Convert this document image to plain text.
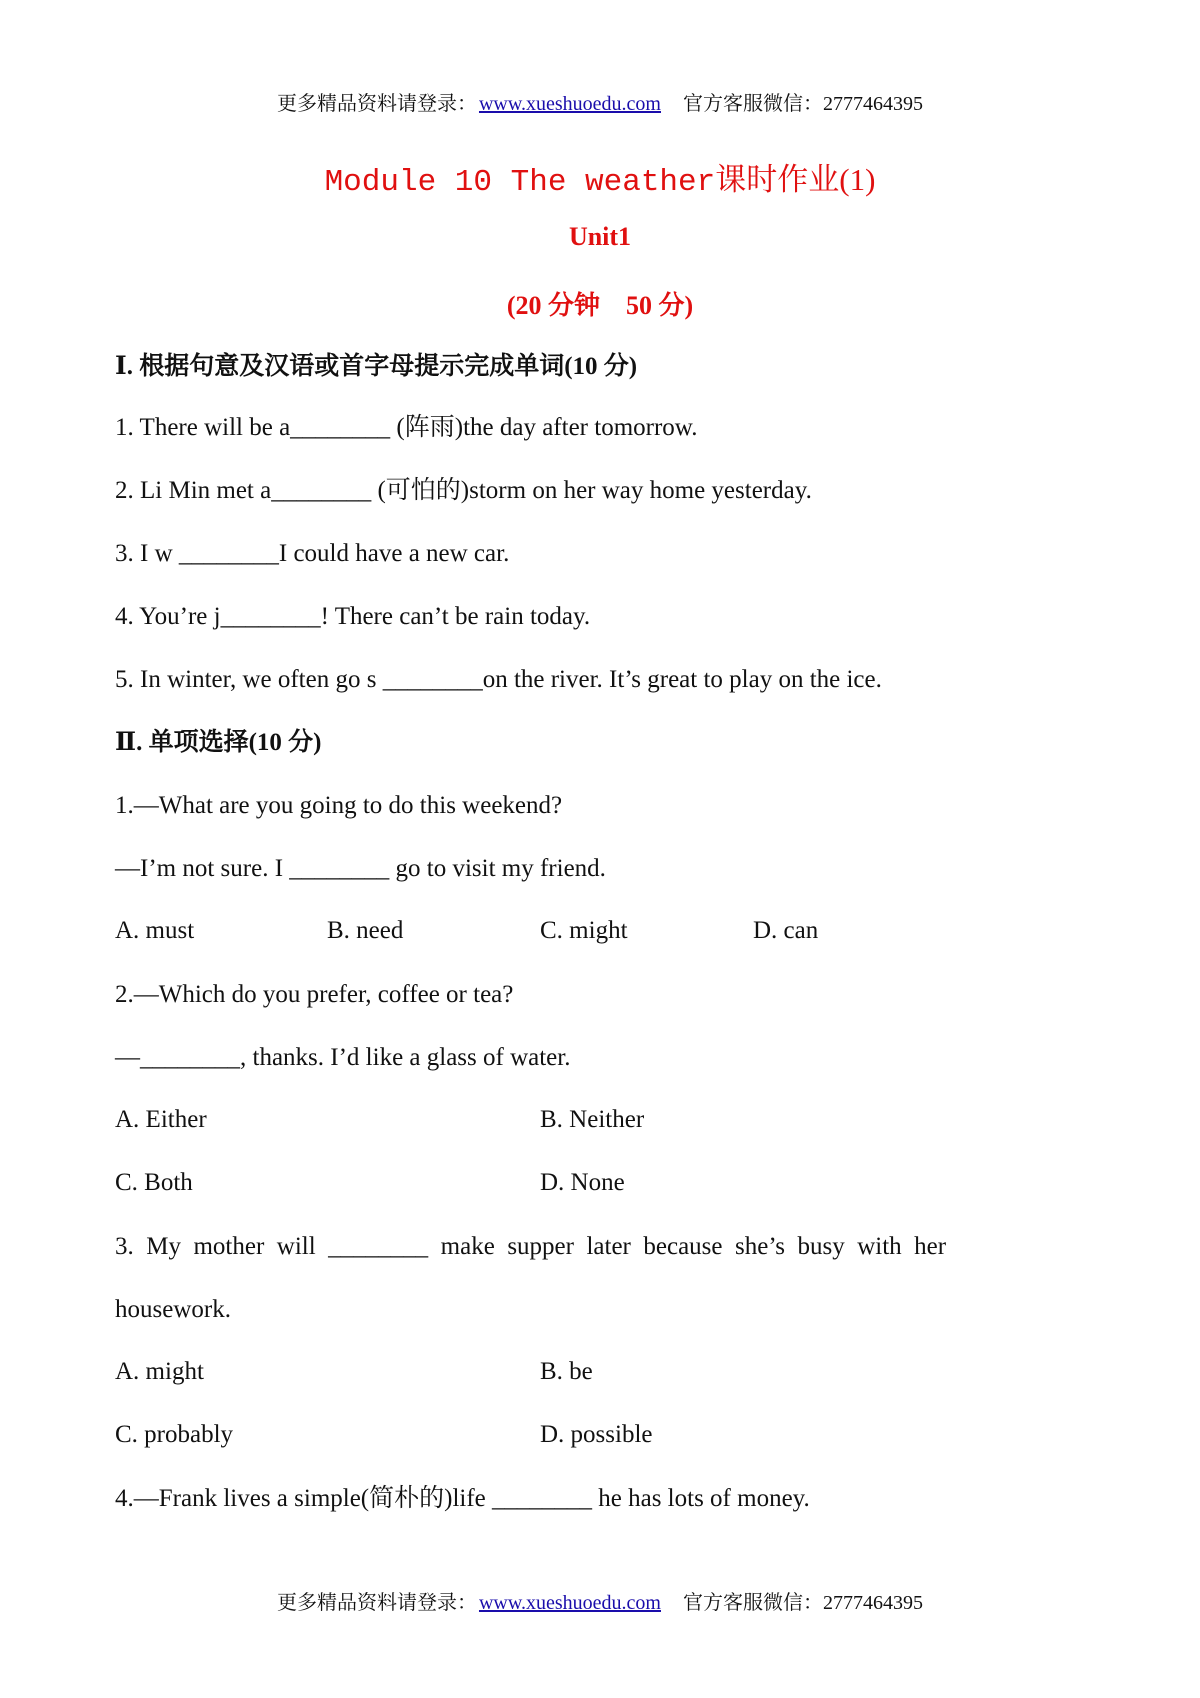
更多精品资料请登录： www.xueshuoedu.com 官方客服微信：2777464395
Module 10 The weather课时作业(1)
Unit1
(20 分钟　50 分)
Ⅰ. 根据句意及汉语或首字母提示完成单词(10 分)
1. There will be a________ (阵雨)the day after tomorrow.
2. Li Min met a________ (可怕的)storm on her way home yesterday.
3. I w ________I could have a new car.
4. You’re j________! There can’t be rain today.
5. In winter, we often go s ________on the river. It’s great to play on the ice.
Ⅱ. 单项选择(10 分)
1.—What are you going to do this weekend?
—I’m not sure. I ________ go to visit my friend.
A. must	B. need	C. might	D. can
2.—Which do you prefer, coffee or tea?
—________, thanks. I’d like a glass of water.
A. Either	B. Neither
C. Both	D. None
3.  My  mother  will  ________  make  supper  later  because  she’s  busy  with  her
housework.
A. might	B. be
C. probably	D. possible
4.—Frank lives a simple(简朴的)life ________ he has lots of money.
更多精品资料请登录： www.xueshuoedu.com 官方客服微信：2777464395
